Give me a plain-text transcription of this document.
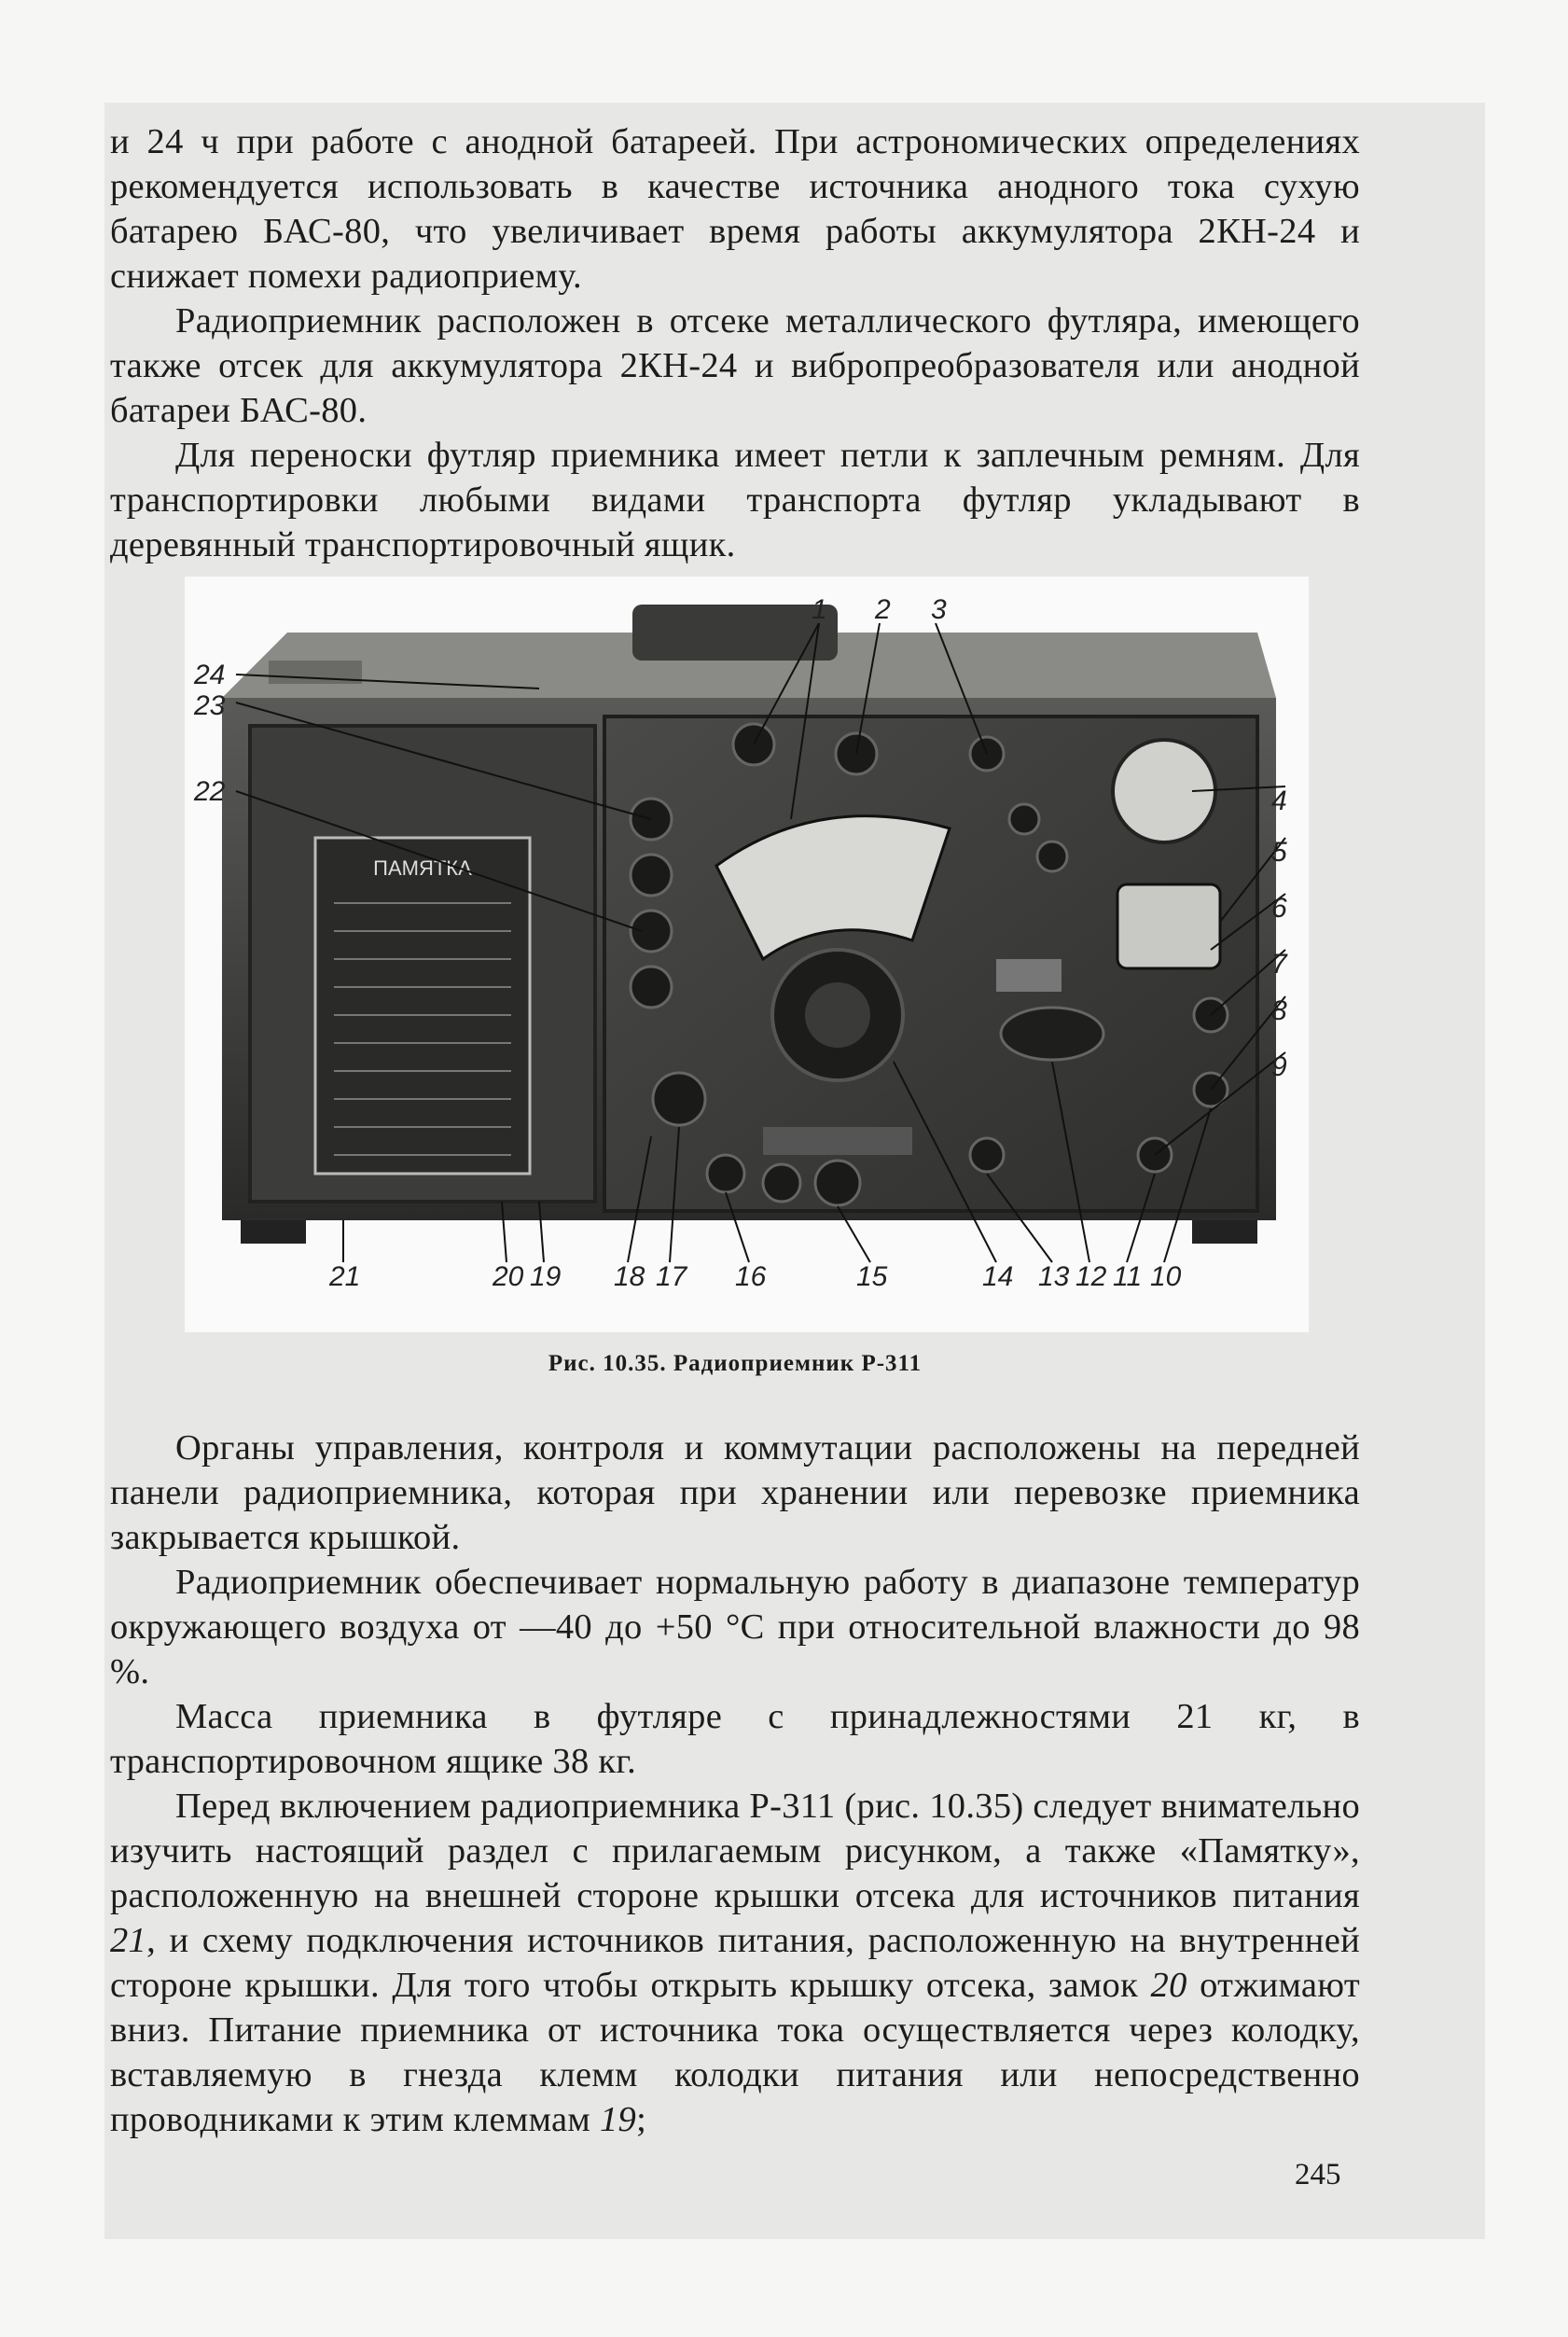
и 24 ч при работе с анодной батареей. При астрономических определениях рекомендуется использовать в качестве источника анодного тока сухую батарею БАС-80, что увеличивает время работы аккумулятора 2КН-24 и снижает помехи радиоприему.

Радиоприемник расположен в отсеке металлического футляра, имеющего также отсек для аккумулятора 2КН-24 и вибропреобразователя или анодной батареи БАС-80.

Для переноски футляр приемника имеет петли к заплечным ремням. Для транспортировки любыми видами транспорта футляр укладывают в деревянный транспортировочный ящик.

ПАМЯТКА
1 2 3
4
5
6
7
8
9
24
23
22
21	20 19 18 17 16	15	14 13 12 11 10
Рис. 10.35. Радиоприемник Р-311

Органы управления, контроля и коммутации расположены на передней панели радиоприемника, которая при хранении или перевозке приемника закрывается крышкой.

Радиоприемник обеспечивает нормальную работу в диапазоне температур окружающего воздуха от —40 до +50 °С при относительной влажности до 98 %.

Масса приемника в футляре с принадлежностями 21 кг, в транспортировочном ящике 38 кг.

Перед включением радиоприемника Р-311 (рис. 10.35) следует внимательно изучить настоящий раздел с прилагаемым рисунком, а также «Памятку», расположенную на внешней стороне крышки отсека для источников питания 21, и схему подключения источников питания, расположенную на внутренней стороне крышки. Для того чтобы открыть крышку отсека, замок 20 отжимают вниз. Питание приемника от источника тока осуществляется через колодку, вставляемую в гнезда клемм колодки питания или непосредственно проводниками к этим клеммам 19;

245
